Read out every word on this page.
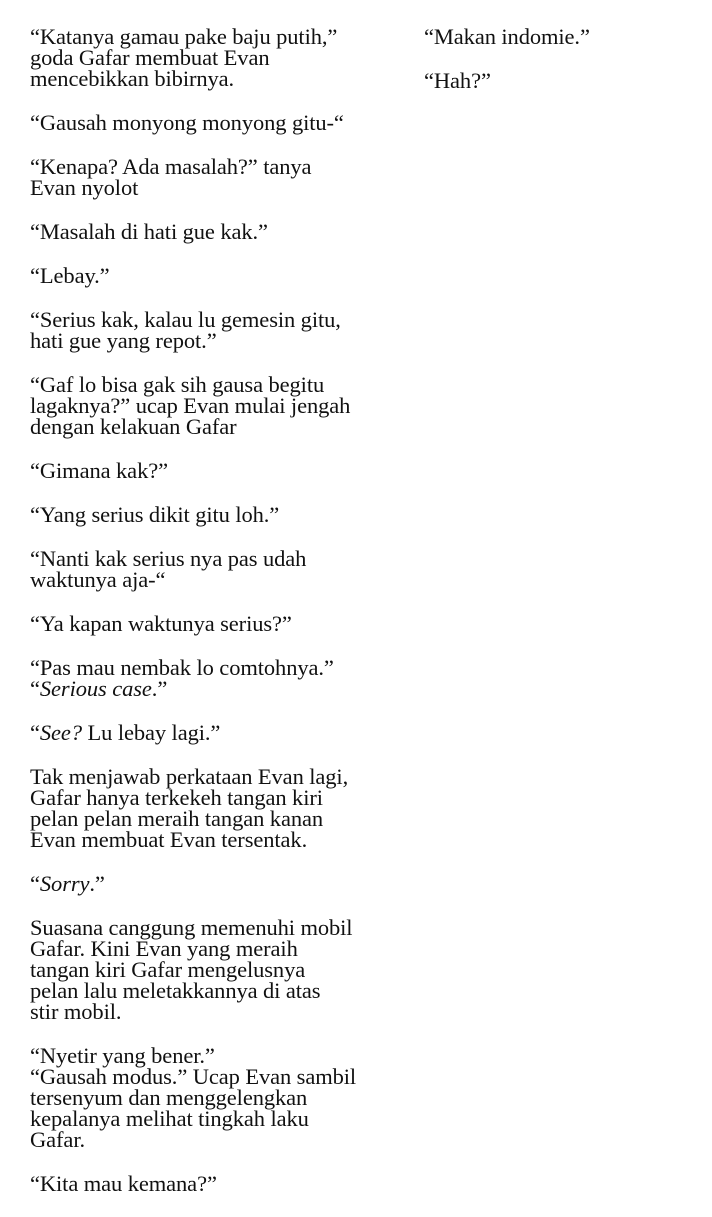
“Katanya gamau pake baju putih,”
goda Gafar membuat Evan
mencebikkan bibirnya.

“Gausah monyong monyong gitu-“

“Kenapa? Ada masalah?” tanya
Evan nyolot

“Masalah di hati gue kak.”

“Lebay.”

“Serius kak, kalau lu gemesin gitu,
hati gue yang repot.”

“Gaf lo bisa gak sih gausa begitu
lagaknya?” ucap Evan mulai jengah
dengan kelakuan Gafar

“Gimana kak?”

“Yang serius dikit gitu loh.”

“Nanti kak serius nya pas udah
waktunya aja-“

“Ya kapan waktunya serius?”

“Pas mau nembak lo comtohnya.”
“Serious case.”

“See? Lu lebay lagi.”

Tak menjawab perkataan Evan lagi,
Gafar hanya terkekeh tangan kiri
pelan pelan meraih tangan kanan
Evan membuat Evan tersentak.

“Sorry.”

Suasana canggung memenuhi mobil
Gafar. Kini Evan yang meraih
tangan kiri Gafar mengelusnya
pelan lalu meletakkannya di atas
stir mobil.

“Nyetir yang bener.”
“Gausah modus.” Ucap Evan sambil
tersenyum dan menggelengkan
kepalanya melihat tingkah laku
Gafar.

“Kita mau kemana?”

“Makan indomie.”

“Hah?”
